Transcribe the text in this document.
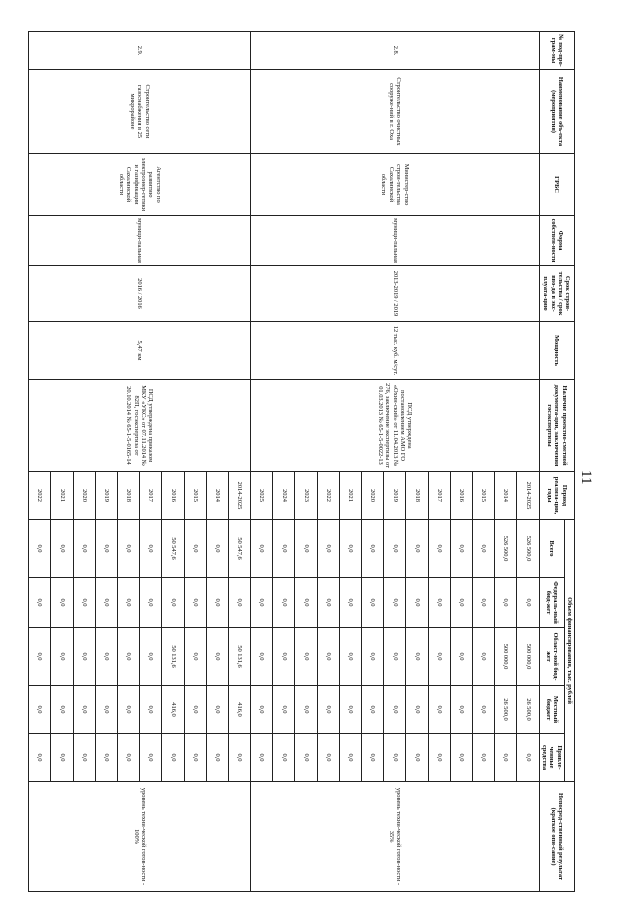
11
№ под-про-грам-мы	Наименование объ-екта (мероприятия)	ГРБС	Форма собствен-ности	Срок строи-тельства / срок вво-да в экс-плуата-цию	Мощность	Наличие проектно-сметной документа-ции, заключения госэкспертизы	Период реализа-ции, годы	Объем финансирования, тыс. рублей					Непосред-ственный результат (краткое опи-сание)
								Всего	Федераль-ный бюд-жет	Област-ной бюд-жет	Местный бюджет	Привле-ченные средства	
2.8.	Строительство очистных сооруже-ний в г. Оха	Министер-ство строи-тельства Сахалинской области	муници-пальная	2013-2019 / 2019	12 тыс. куб. м/сут.	ПСД утверждена постановлением АМО ГО «Охин-ский» от 11.04.2013 № 276, заключение экспертизы от 01.03.2013 № 65-1-5-0022-13	2014-2025	526 500,0	0,0	500 000,0	26 500,0	0,0	уровень техни-ческой готов-ности - 35%
							2014	526 500,0	0,0	500 000,0	26 500,0	0,0	
							2015	0,0	0,0	0,0	0,0	0,0	
							2016	0,0	0,0	0,0	0,0	0,0	
							2017	0,0	0,0	0,0	0,0	0,0	
							2018	0,0	0,0	0,0	0,0	0,0	
							2019	0,0	0,0	0,0	0,0	0,0	
							2020	0,0	0,0	0,0	0,0	0,0	
							2021	0,0	0,0	0,0	0,0	0,0	
							2022	0,0	0,0	0,0	0,0	0,0	
							2023	0,0	0,0	0,0	0,0	0,0	
							2024	0,0	0,0	0,0	0,0	0,0	
							2025	0,0	0,0	0,0	0,0	0,0	
2.9.	Строительство сети газоснабжения в 25 микрорайоне	Агентство по развитию электроэнер-гетики и газификации Сахалинской области	муници-пальная	2016 / 2016	5,47 км	ПСД утверждена приказом МКУ «УКС» от 07.11.2014 № 82П, госэкспертиза от 20.10.2014 № 65-1-5-0165-14	2014-2025	50 547,6	0,0	50 131,6	416,0	0,0	уровень техни-ческой готов-ности - 100%
							2014	0,0	0,0	0,0	0,0	0,0	
							2015	0,0	0,0	0,0	0,0	0,0	
							2016	50 547,6	0,0	50 131,6	416,0	0,0	
							2017	0,0	0,0	0,0	0,0	0,0	
							2018	0,0	0,0	0,0	0,0	0,0	
							2019	0,0	0,0	0,0	0,0	0,0	
							2020	0,0	0,0	0,0	0,0	0,0	
							2021	0,0	0,0	0,0	0,0	0,0	
							2022	0,0	0,0	0,0	0,0	0,0	
